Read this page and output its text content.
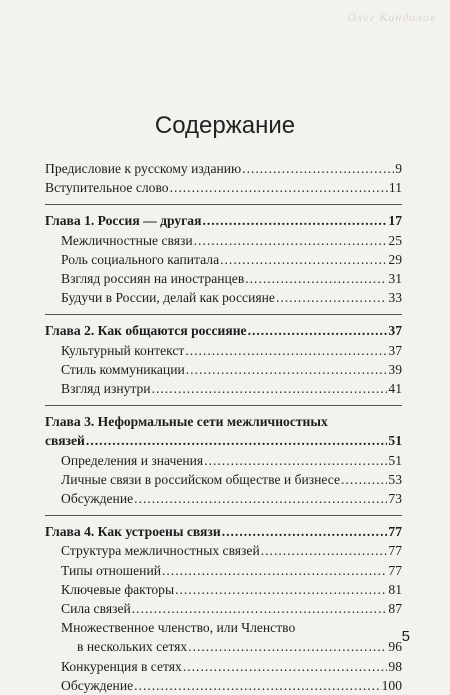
Олег Кандалов
Содержание
Предисловие к русскому изданию .....	9
Вступительное слово .....	11
Глава 1. Россия — другая .....	17
Межличностные связи .....	25
Роль социального капитала .....	29
Взгляд россиян на иностранцев .....	31
Будучи в России, делай как россияне .....	33
Глава 2. Как общаются россияне .....	37
Культурный контекст .....	37
Стиль коммуникации .....	39
Взгляд изнутри .....	41
Глава 3. Неформальные сети межличностных
связей .....	51
Определения и значения .....	51
Личные связи в российском обществе и бизнесе .....	53
Обсуждение .....	73
Глава 4. Как устроены связи .....	77
Структура межличностных связей .....	77
Типы отношений .....	77
Ключевые факторы .....	81
Сила связей .....	87
Множественное членство, или Членство
в нескольких сетях .....	96
Конкуренция в сетях .....	98
Обсуждение .....	100
5
